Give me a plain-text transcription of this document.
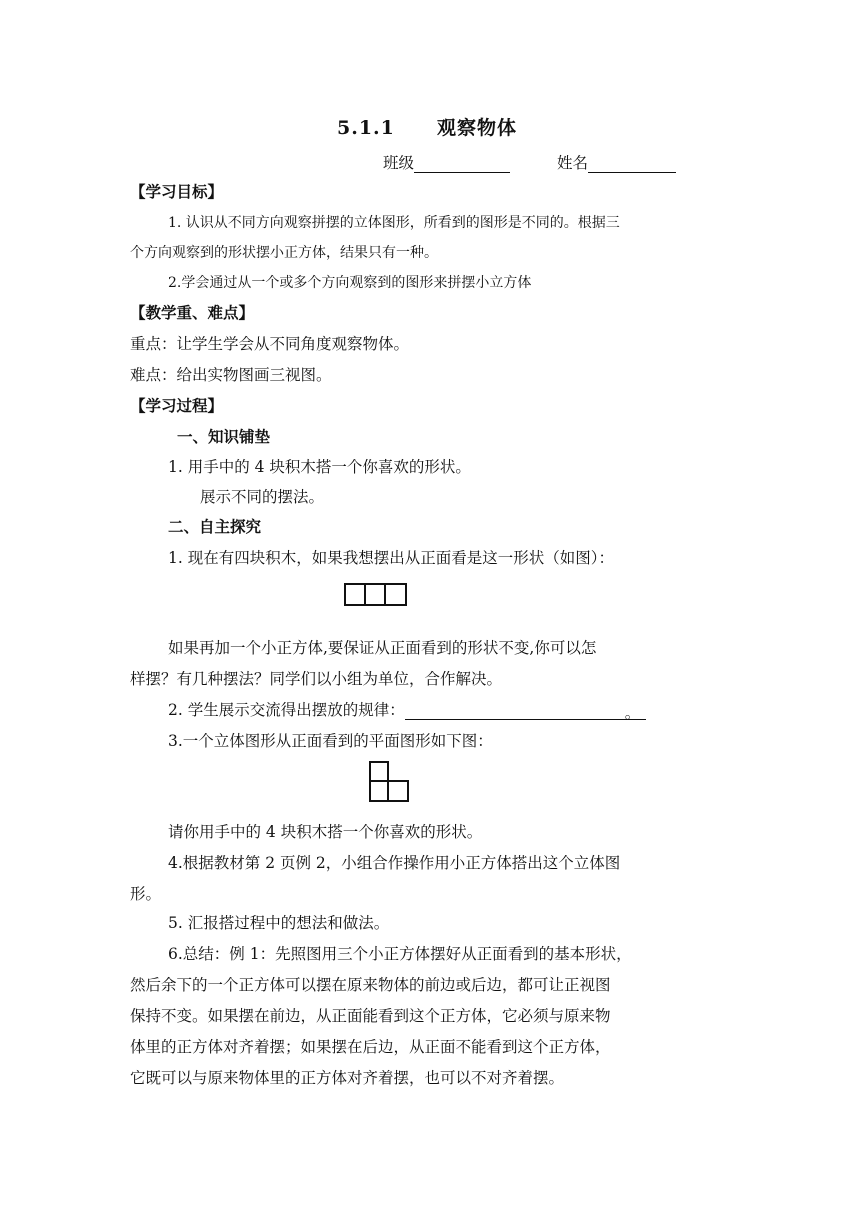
5.1.1 观察物体
班级	姓名
【学习目标】
1. 认识从不同方向观察拼摆的立体图形，所看到的图形是不同的。根据三
个方向观察到的形状摆小正方体，结果只有一种。
2.学会通过从一个或多个方向观察到的图形来拼摆小立方体
【教学重、难点】
重点：让学生学会从不同角度观察物体。
难点：给出实物图画三视图。
【学习过程】
一、知识铺垫
1. 用手中的 4 块积木搭一个你喜欢的形状。
展示不同的摆法。
二、自主探究
1. 现在有四块积木，如果我想摆出从正面看是这一形状（如图）：
如果再加一个小正方体,要保证从正面看到的形状不变,你可以怎
样摆？有几种摆法？同学们以小组为单位，合作解决。
2. 学生展示交流得出摆放的规律：	。
3.一个立体图形从正面看到的平面图形如下图：
请你用手中的 4 块积木搭一个你喜欢的形状。
4.根据教材第 2 页例 2，小组合作操作用小正方体搭出这个立体图
形。
5. 汇报搭过程中的想法和做法。
6.总结：例 1：先照图用三个小正方体摆好从正面看到的基本形状，
然后余下的一个正方体可以摆在原来物体的前边或后边，都可让正视图
保持不变。如果摆在前边，从正面能看到这个正方体，它必须与原来物
体里的正方体对齐着摆；如果摆在后边，从正面不能看到这个正方体，
它既可以与原来物体里的正方体对齐着摆，也可以不对齐着摆。
